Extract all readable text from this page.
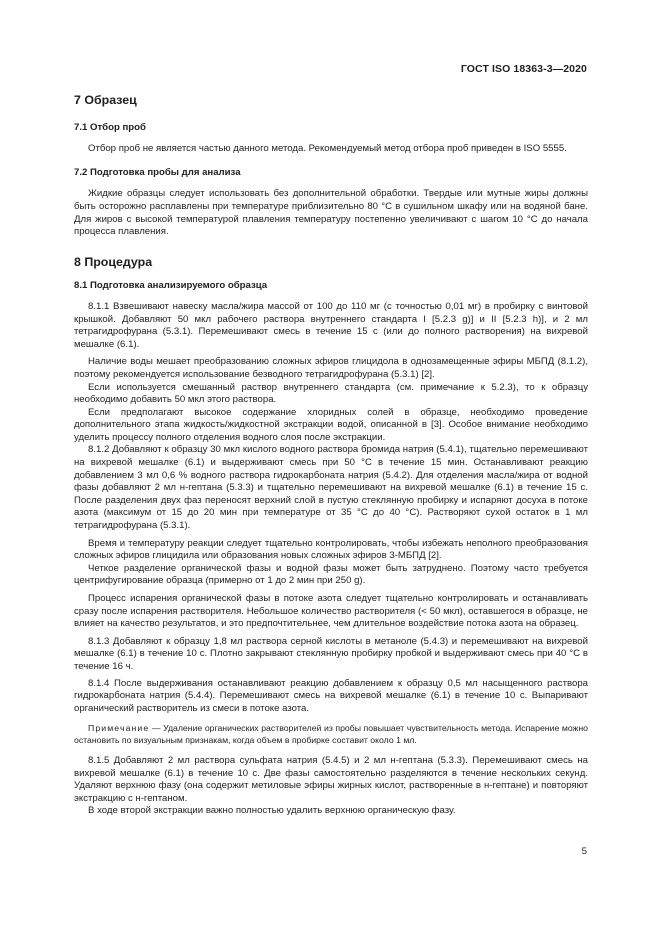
ГОСТ ISO 18363-3—2020

7 Образец

7.1 Отбор проб

Отбор проб не является частью данного метода. Рекомендуемый метод отбора проб приведен в ISO 5555.

7.2 Подготовка пробы для анализа

Жидкие образцы следует использовать без дополнительной обработки. Твердые или мутные жиры должны быть осторожно расплавлены при температуре приблизительно 80 °С в сушильном шкафу или на водяной бане. Для жиров с высокой температурой плавления температуру постепенно увеличивают с шагом 10 °С до начала процесса плавления.

8 Процедура

8.1 Подготовка анализируемого образца

8.1.1 Взвешивают навеску масла/жира массой от 100 до 110 мг (с точностью 0,01 мг) в пробирку с винтовой крышкой. Добавляют 50 мкл рабочего раствора внутреннего стандарта I [5.2.3 g)] и II [5.2.3 h)], и 2 мл тетрагидрофурана (5.3.1). Перемешивают смесь в течение 15 с (или до полного растворения) на вихревой мешалке (6.1).

Наличие воды мешает преобразованию сложных эфиров глицидола в однозамещенные эфиры МБПД (8.1.2), поэтому рекомендуется использование безводного тетрагидрофурана (5.3.1) [2].

Если используется смешанный раствор внутреннего стандарта (см. примечание к 5.2.3), то к образцу необходимо добавить 50 мкл этого раствора.

Если предполагают высокое содержание хлоридных солей в образце, необходимо проведение дополнительного этапа жидкость/жидкостной экстракции водой, описанной в [3]. Особое внимание необходимо уделить процессу полного отделения водного слоя после экстракции.

8.1.2 Добавляют к образцу 30 мкл кислого водного раствора бромида натрия (5.4.1), тщательно перемешивают на вихревой мешалке (6.1) и выдерживают смесь при 50 °С в течение 15 мин. Останавливают реакцию добавлением 3 мл 0,6 % водного раствора гидрокарбоната натрия (5.4.2). Для отделения масла/жира от водной фазы добавляют 2 мл н-гептана (5.3.3) и тщательно перемешивают на вихревой мешалке (6.1) в течение 15 с. После разделения двух фаз переносят верхний слой в пустую стеклянную пробирку и испаряют досуха в потоке азота (максимум от 15 до 20 мин при температуре от 35 °С до 40 °С). Растворяют сухой остаток в 1 мл тетрагидрофурана (5.3.1).

Время и температуру реакции следует тщательно контролировать, чтобы избежать неполного преобразования сложных эфиров глицидила или образования новых сложных эфиров 3-МБПД [2].

Четкое разделение органической фазы и водной фазы может быть затруднено. Поэтому часто требуется центрифугирование образца (примерно от 1 до 2 мин при 250 g).

Процесс испарения органической фазы в потоке азота следует тщательно контролировать и останавливать сразу после испарения растворителя. Небольшое количество растворителя (< 50 мкл), оставшегося в образце, не влияет на качество результатов, и это предпочтительнее, чем длительное воздействие потока азота на образец.

8.1.3 Добавляют к образцу 1,8 мл раствора серной кислоты в метаноле (5.4.3) и перемешивают на вихревой мешалке (6.1) в течение 10 с. Плотно закрывают стеклянную пробирку пробкой и выдерживают смесь при 40 °С в течение 16 ч.

8.1.4 После выдерживания останавливают реакцию добавлением к образцу 0,5 мл насыщенного раствора гидрокарбоната натрия (5.4.4). Перемешивают смесь на вихревой мешалке (6.1) в течение 10 с. Выпаривают органический растворитель из смеси в потоке азота.

Примечание — Удаление органических растворителей из пробы повышает чувствительность метода. Испарение можно остановить по визуальным признакам, когда объем в пробирке составит около 1 мл.

8.1.5 Добавляют 2 мл раствора сульфата натрия (5.4.5) и 2 мл н-гептана (5.3.3). Перемешивают смесь на вихревой мешалке (6.1) в течение 10 с. Две фазы самостоятельно разделяются в течение нескольких секунд. Удаляют верхнюю фазу (она содержит метиловые эфиры жирных кислот, растворенные в н-гептане) и повторяют экстракцию с н-гептаном.

В ходе второй экстракции важно полностью удалить верхнюю органическую фазу.

5
